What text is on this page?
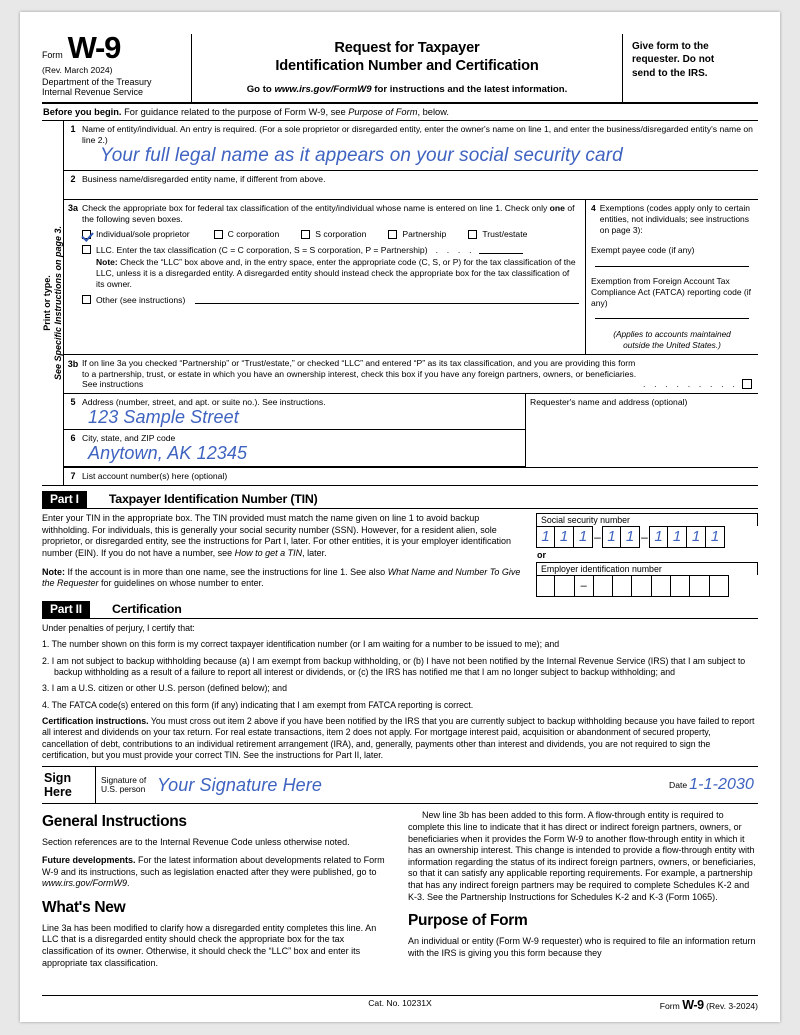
Form W-9
(Rev. March 2024)
Department of the Treasury
Internal Revenue Service
Request for Taxpayer
Identification Number and Certification
Go to www.irs.gov/FormW9 for instructions and the latest information.
Give form to the
requester. Do not
send to the IRS.
Before you begin. For guidance related to the purpose of Form W-9, see Purpose of Form, below.
Print or type. See Specific Instructions on page 3.
1 Name of entity/individual. An entry is required. (For a sole proprietor or disregarded entity, enter the owner's name on line 1, and enter the business/disregarded entity's name on line 2.)
Your full legal name as it appears on your social security card
2 Business name/disregarded entity name, if different from above.
3a Check the appropriate box for federal tax classification of the entity/individual whose name is entered on line 1. Check only one of the following seven boxes.
Individual/sole proprietor	C corporation	S corporation	Partnership	Trust/estate
LLC. Enter the tax classification (C = C corporation, S = S corporation, P = Partnership) . . . .
Note: Check the “LLC” box above and, in the entry space, enter the appropriate code (C, S, or P) for the tax classification of the LLC, unless it is a disregarded entity. A disregarded entity should instead check the appropriate box for the tax classification of its owner.
Other (see instructions)
4 Exemptions (codes apply only to certain entities, not individuals; see instructions on page 3):
Exempt payee code (if any)
Exemption from Foreign Account Tax Compliance Act (FATCA) reporting code (if any)
(Applies to accounts maintained
outside the United States.)
3b If on line 3a you checked “Partnership” or “Trust/estate,” or checked “LLC” and entered “P” as its tax classification, and you are providing this form to a partnership, trust, or estate in which you have an ownership interest, check this box if you have any foreign partners, owners, or beneficiaries. See instructions	. . . . . . . . .
5 Address (number, street, and apt. or suite no.). See instructions.
123 Sample Street
6 City, state, and ZIP code
Anytown, AK 12345
Requester's name and address (optional)
7 List account number(s) here (optional)
Part I	Taxpayer Identification Number (TIN)

Enter your TIN in the appropriate box. The TIN provided must match the name given on line 1 to avoid backup withholding. For individuals, this is generally your social security number (SSN). However, for a resident alien, sole proprietor, or disregarded entity, see the instructions for Part I, later. For other entities, it is your employer identification number (EIN). If you do not have a number, see How to get a TIN, later.

Note: If the account is in more than one name, see the instructions for line 1. See also What Name and Number To Give the Requester for guidelines on whose number to enter.

Social security number
1 1 1 – 1 1 – 1 1 1 1
or
Employer identification number
–
Part II	Certification

Under penalties of perjury, I certify that:

1. The number shown on this form is my correct taxpayer identification number (or I am waiting for a number to be issued to me); and

2. I am not subject to backup withholding because (a) I am exempt from backup withholding, or (b) I have not been notified by the Internal Revenue Service (IRS) that I am subject to backup withholding as a result of a failure to report all interest or dividends, or (c) the IRS has notified me that I am no longer subject to backup withholding; and

3. I am a U.S. citizen or other U.S. person (defined below); and

4. The FATCA code(s) entered on this form (if any) indicating that I am exempt from FATCA reporting is correct.

Certification instructions. You must cross out item 2 above if you have been notified by the IRS that you are currently subject to backup withholding because you have failed to report all interest and dividends on your tax return. For real estate transactions, item 2 does not apply. For mortgage interest paid, acquisition or abandonment of secured property, cancellation of debt, contributions to an individual retirement arrangement (IRA), and, generally, payments other than interest and dividends, you are not required to sign the certification, but you must provide your correct TIN. See the instructions for Part II, later.

Sign
Here
Signature of
U.S. person Your Signature Here	Date 1-1-2030
General Instructions

Section references are to the Internal Revenue Code unless otherwise noted.

Future developments. For the latest information about developments related to Form W-9 and its instructions, such as legislation enacted after they were published, go to www.irs.gov/FormW9.

What's New

Line 3a has been modified to clarify how a disregarded entity completes this line. An LLC that is a disregarded entity should check the appropriate box for the tax classification of its owner. Otherwise, it should check the “LLC” box and enter its appropriate tax classification.

New line 3b has been added to this form. A flow-through entity is required to complete this line to indicate that it has direct or indirect foreign partners, owners, or beneficiaries when it provides the Form W-9 to another flow-through entity in which it has an ownership interest. This change is intended to provide a flow-through entity with information regarding the status of its indirect foreign partners, owners, or beneficiaries, so that it can satisfy any applicable reporting requirements. For example, a partnership that has any indirect foreign partners may be required to complete Schedules K-2 and K-3. See the Partnership Instructions for Schedules K-2 and K-3 (Form 1065).

Purpose of Form

An individual or entity (Form W-9 requester) who is required to file an information return with the IRS is giving you this form because they

Cat. No. 10231X	Form W-9 (Rev. 3-2024)
